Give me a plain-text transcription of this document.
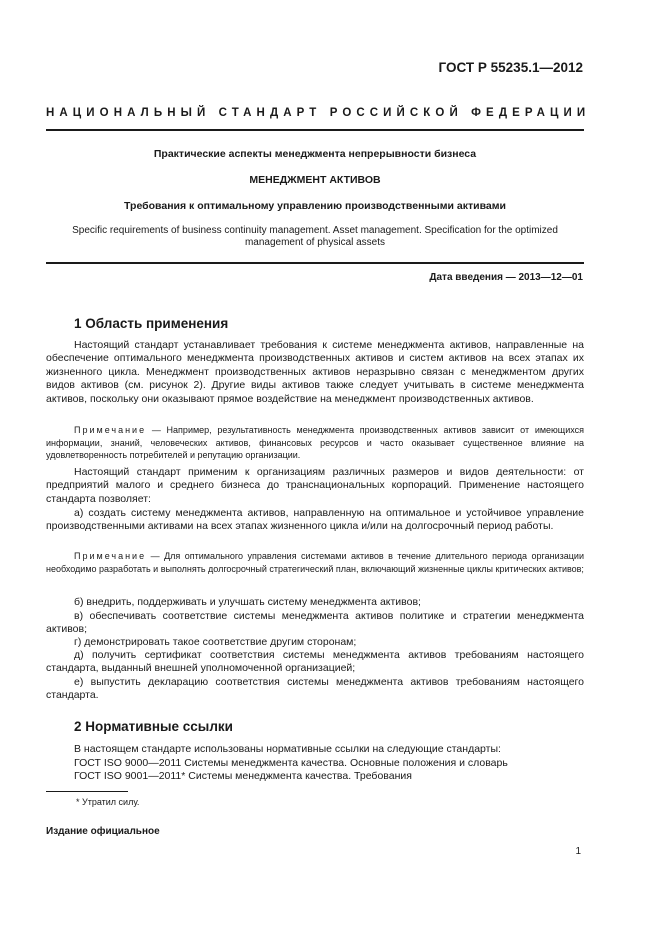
ГОСТ Р 55235.1—2012
НАЦИОНАЛЬНЫЙ СТАНДАРТ РОССИЙСКОЙ ФЕДЕРАЦИИ
Практические аспекты менеджмента непрерывности бизнеса
МЕНЕДЖМЕНТ АКТИВОВ
Требования к оптимальному управлению производственными активами
Specific requirements of business continuity management. Asset management. Specification for the optimized management of physical assets
Дата введения — 2013—12—01
1 Область применения
Настоящий стандарт устанавливает требования к системе менеджмента активов, направленные на обеспечение оптимального менеджмента производственных активов и систем активов на всех этапах их жизненного цикла. Менеджмент производственных активов неразрывно связан с менеджментом других видов активов (см. рисунок 2). Другие виды активов также следует учитывать в системе менеджмента активов, поскольку они оказывают прямое воздействие на менеджмент производственных активов.
Примечание — Например, результативность менеджмента производственных активов зависит от имеющихся информации, знаний, человеческих активов, финансовых ресурсов и часто оказывает существенное влияние на удовлетворенность потребителей и репутацию организации.
Настоящий стандарт применим к организациям различных размеров и видов деятельности: от предприятий малого и среднего бизнеса до транснациональных корпораций. Применение настоящего стандарта позволяет:
а) создать систему менеджмента активов, направленную на оптимальное и устойчивое управление производственными активами на всех этапах жизненного цикла и/или на долгосрочный период работы.
Примечание — Для оптимального управления системами активов в течение длительного периода организации необходимо разработать и выполнять долгосрочный стратегический план, включающий жизненные циклы критических активов;
б) внедрить, поддерживать и улучшать систему менеджмента активов;
в) обеспечивать соответствие системы менеджмента активов политике и стратегии менеджмента активов;
г) демонстрировать такое соответствие другим сторонам;
д) получить сертификат соответствия системы менеджмента активов требованиям настоящего стандарта, выданный внешней уполномоченной организацией;
е) выпустить декларацию соответствия системы менеджмента активов требованиям настоящего стандарта.
2 Нормативные ссылки
В настоящем стандарте использованы нормативные ссылки на следующие стандарты:
ГОСТ ISO 9000—2011 Системы менеджмента качества. Основные положения и словарь
ГОСТ ISO 9001—2011* Системы менеджмента качества. Требования
* Утратил силу.
Издание официальное
1
